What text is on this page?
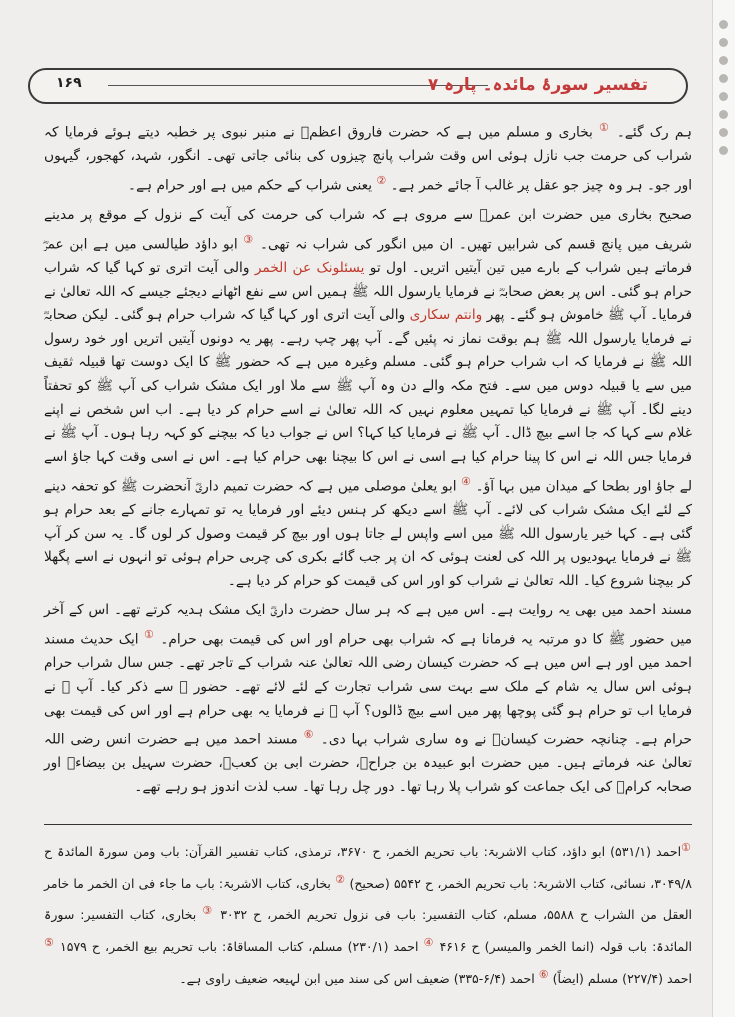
تفسیر سورۂ مائدہ۔ پارہ ۷
۱۶۹

ہم رک گئے۔ ① بخاری و مسلم میں ہے کہ حضرت فاروق اعظمؓ نے منبر نبوی پر خطبہ دیتے ہوئے فرمایا کہ شراب کی حرمت جب نازل ہوئی اس وقت شراب پانچ چیزوں کی بنائی جاتی تھی۔ انگور، شہد، کھجور، گیہوں اور جو۔ ہر وہ چیز جو عقل پر غالب آ جائے خمر ہے۔ ② یعنی شراب کے حکم میں ہے اور حرام ہے۔

صحیح بخاری میں حضرت ابن عمرؓ سے مروی ہے کہ شراب کی حرمت کی آیت کے نزول کے موقع پر مدینے شریف میں پانچ قسم کی شرابیں تھیں۔ ان میں انگور کی شراب نہ تھی۔ ③ ابو داؤد طیالسی میں ہے ابن عمرؓ فرماتے ہیں شراب کے بارے میں تین آیتیں اتریں۔ اول تو یسئلونک عن الخمر والی آیت اتری تو کہا گیا کہ شراب حرام ہو گئی۔ اس پر بعض صحابہؓ نے فرمایا یارسول اللہ ﷺ ہمیں اس سے نفع اٹھانے دیجئے جیسے کہ اللہ تعالیٰ نے فرمایا۔ آپ ﷺ خاموش ہو گئے۔ پھر وانتم سکاری والی آیت اتری اور کہا گیا کہ شراب حرام ہو گئی۔ لیکن صحابہؓ نے فرمایا یارسول اللہ ﷺ ہم بوقت نماز نہ پئیں گے۔ آپ پھر چپ رہے۔ پھر یہ دونوں آیتیں اتریں اور خود رسول اللہ ﷺ نے فرمایا کہ اب شراب حرام ہو گئی۔ مسلم وغیرہ میں ہے کہ حضور ﷺ کا ایک دوست تھا قبیلہ ثقیف میں سے یا قبیلہ دوس میں سے۔ فتح مکہ والے دن وہ آپ ﷺ سے ملا اور ایک مشک شراب کی آپ ﷺ کو تحفتاً دینے لگا۔ آپ ﷺ نے فرمایا کیا تمہیں معلوم نہیں کہ اللہ تعالیٰ نے اسے حرام کر دیا ہے۔ اب اس شخص نے اپنے غلام سے کہا کہ جا اسے بیچ ڈال۔ آپ ﷺ نے فرمایا کیا کہا؟ اس نے جواب دیا کہ بیچنے کو کہہ رہا ہوں۔ آپ ﷺ نے فرمایا جس اللہ نے اس کا پینا حرام کیا ہے اسی نے اس کا بیچنا بھی حرام کیا ہے۔ اس نے اسی وقت کہا جاؤ اسے لے جاؤ اور بطحا کے میدان میں بہا آؤ۔ ④ ابو یعلیٰ موصلی میں ہے کہ حضرت تمیم داریؓ آنحضرت ﷺ کو تحفہ دینے کے لئے ایک مشک شراب کی لائے۔ آپ ﷺ اسے دیکھ کر ہنس دیئے اور فرمایا یہ تو تمہارے جانے کے بعد حرام ہو گئی ہے۔ کہا خیر یارسول اللہ ﷺ میں اسے واپس لے جاتا ہوں اور بیچ کر قیمت وصول کر لوں گا۔ یہ سن کر آپ ﷺ نے فرمایا یہودیوں پر اللہ کی لعنت ہوئی کہ ان پر جب گائے بکری کی چربی حرام ہوئی تو انہوں نے اسے پگھلا کر بیچنا شروع کیا۔ اللہ تعالیٰ نے شراب کو اور اس کی قیمت کو حرام کر دیا ہے۔

مسند احمد میں بھی یہ روایت ہے۔ اس میں ہے کہ ہر سال حضرت داریؓ ایک مشک ہدیہ کرتے تھے۔ اس کے آخر میں حضور ﷺ کا دو مرتبہ یہ فرمانا ہے کہ شراب بھی حرام اور اس کی قیمت بھی حرام۔ ① ایک حدیث مسند احمد میں اور ہے اس میں ہے کہ حضرت کیسان رضی اللہ تعالیٰ عنہ شراب کے تاجر تھے۔ جس سال شراب حرام ہوئی اس سال یہ شام کے ملک سے بہت سی شراب تجارت کے لئے لائے تھے۔ حضور ﷺ سے ذکر کیا۔ آپ ﷺ نے فرمایا اب تو حرام ہو گئی پوچھا پھر میں اسے بیچ ڈالوں؟ آپ ﷺ نے فرمایا یہ بھی حرام ہے اور اس کی قیمت بھی حرام ہے۔ چنانچہ حضرت کیسانؓ نے وہ ساری شراب بہا دی۔ ⑥ مسند احمد میں ہے حضرت انس رضی اللہ تعالیٰ عنہ فرماتے ہیں۔ میں حضرت ابو عبیدہ بن جراحؓ، حضرت ابی بن کعبؓ، حضرت سہیل بن بیضاءؓ اور صحابہ کرامؓ کی ایک جماعت کو شراب پلا رہا تھا۔ دور چل رہا تھا۔ سب لذت اندوز ہو رہے تھے۔

①احمد (۵۳۱/۱) ابو داؤد، کتاب الاشربۃ: باب تحریم الخمر، ح ۳۶۷۰، ترمذی، کتاب تفسیر القرآن: باب ومن سورۃ المائدۃ ح ۳۰۴۹/۸، نسائی، کتاب الاشربۃ: باب تحریم الخمر، ح ۵۵۴۲ (صحیح) ② بخاری، کتاب الاشربۃ: باب ما جاء فی ان الخمر ما خامر العقل من الشراب ح ۵۵۸۸، مسلم، کتاب التفسیر: باب فی نزول تحریم الخمر، ح ۳۰۳۲ ③ بخاری، کتاب التفسیر: سورۃ المائدۃ: باب قولہ (انما الخمر والمیسر) ح ۴۶۱۶ ④ احمد (۲۳۰/۱) مسلم، کتاب المساقاۃ: باب تحریم بیع الخمر، ح ۱۵۷۹ ⑤ احمد (۲۲۷/۴) مسلم (ایضاً) ⑥ احمد (۶/۴-۳۳۵) ضعیف اس کی سند میں ابن لہیعہ ضعیف راوی ہے۔
